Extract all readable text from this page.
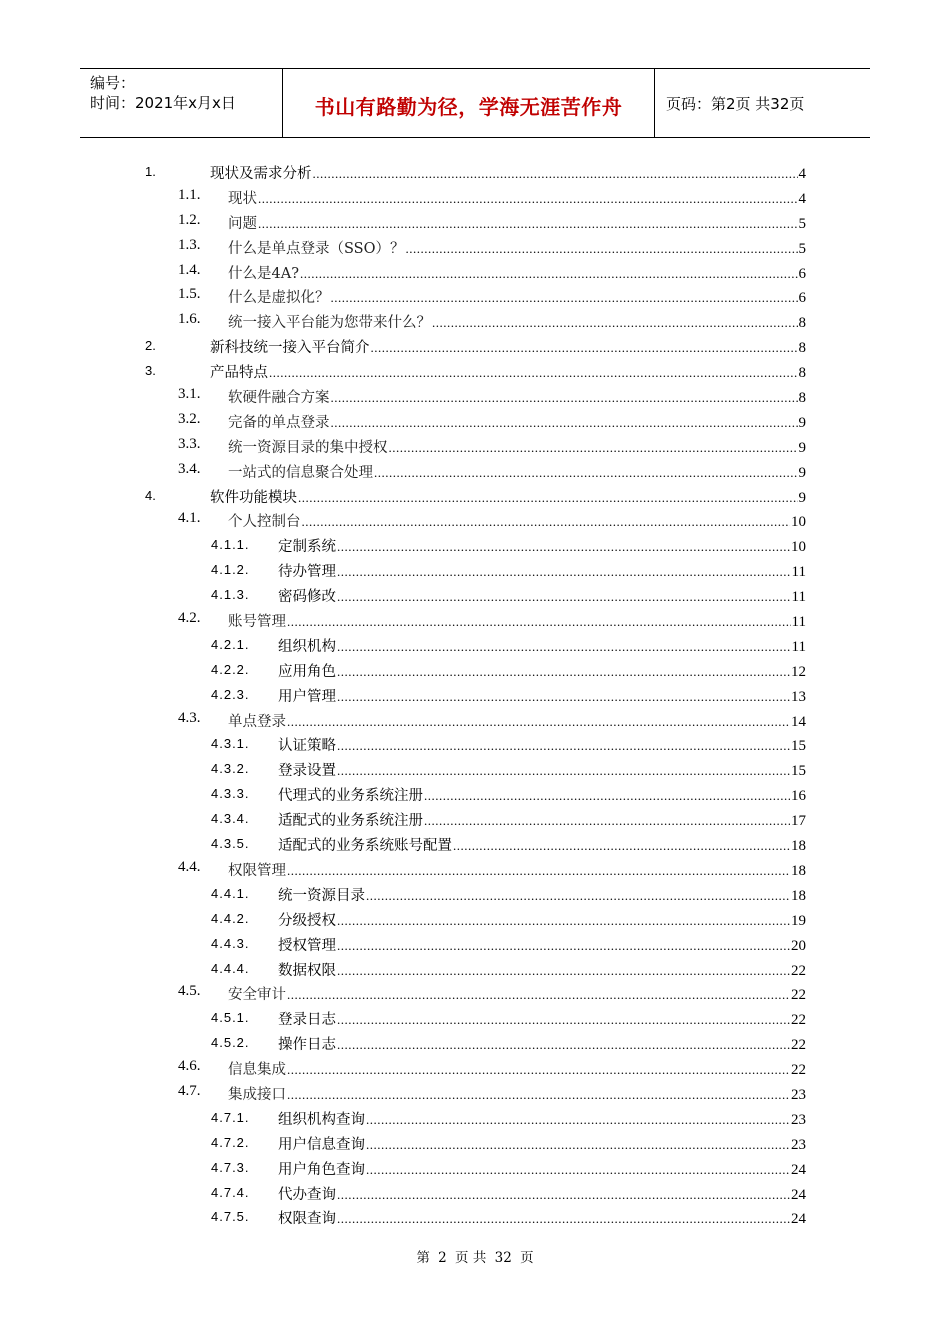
编号：
时间：2021年x月x日	书山有路勤为径，学海无涯苦作舟	页码：第2页 共32页
1.	现状及需求分析 .....	4
1.1. 现状 .....	4
1.2. 问题 .....	5
1.3. 什么是单点登录（SSO）？ .....	5
1.4. 什么是4A? .....	6
1.5. 什么是虚拟化？ .....	6
1.6. 统一接入平台能为您带来什么？ .....	8
2.	新科技统一接入平台简介 .....	8
3.	产品特点 .....	8
3.1. 软硬件融合方案 .....	8
3.2. 完备的单点登录 .....	9
3.3. 统一资源目录的集中授权 .....	9
3.4. 一站式的信息聚合处理 .....	9
4.	软件功能模块 .....	9
4.1. 个人控制台 .....	10
4.1.1. 定制系统 .....	10
4.1.2. 待办管理 .....	11
4.1.3. 密码修改 .....	11
4.2. 账号管理 .....	11
4.2.1. 组织机构 .....	11
4.2.2. 应用角色 .....	12
4.2.3. 用户管理 .....	13
4.3. 单点登录 .....	14
4.3.1. 认证策略 .....	15
4.3.2. 登录设置 .....	15
4.3.3. 代理式的业务系统注册 .....	16
4.3.4. 适配式的业务系统注册 .....	17
4.3.5. 适配式的业务系统账号配置 .....	18
4.4. 权限管理 .....	18
4.4.1. 统一资源目录 .....	18
4.4.2. 分级授权 .....	19
4.4.3. 授权管理 .....	20
4.4.4. 数据权限 .....	22
4.5. 安全审计 .....	22
4.5.1. 登录日志 .....	22
4.5.2. 操作日志 .....	22
4.6. 信息集成 .....	22
4.7. 集成接口 .....	23
4.7.1. 组织机构查询 .....	23
4.7.2. 用户信息查询 .....	23
4.7.3. 用户角色查询 .....	24
4.7.4. 代办查询 .....	24
4.7.5. 权限查询 .....	24
第 2 页 共 32 页
